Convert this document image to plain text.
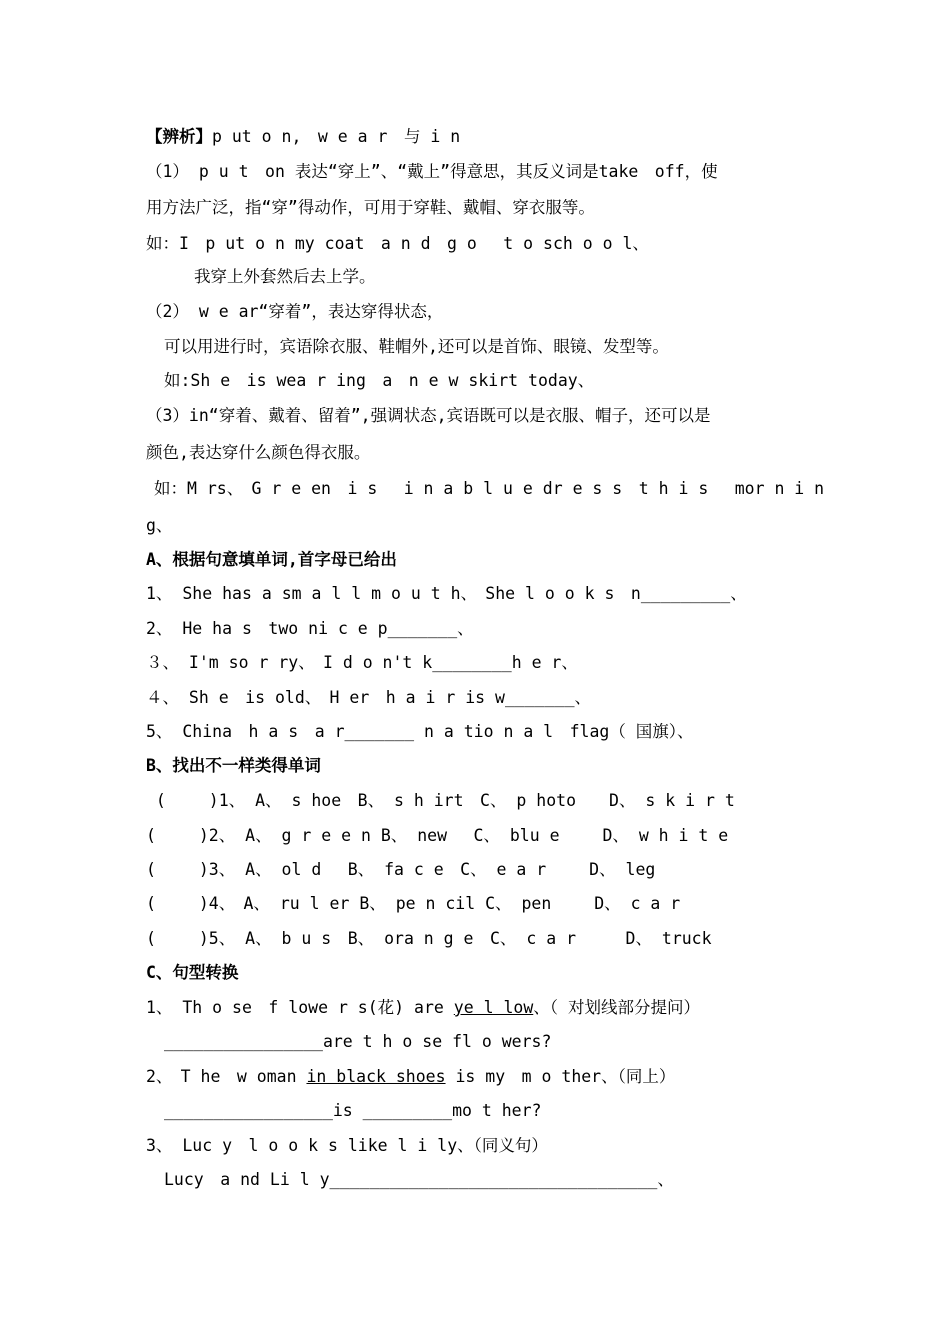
【辨析】p ut o n,　w e a r　与 i n
（1） p u t　on 表达“穿上”、“戴上”得意思，其反义词是take　off，使
用方法广泛，指“穿”得动作，可用于穿鞋、戴帽、穿衣服等。
如：I　p ut o n my coat　a n d　g o　 t o sch o o l、
我穿上外套然后去上学。
（2） w e ar“穿着”，表达穿得状态，
可以用进行时，宾语除衣服、鞋帽外,还可以是首饰、眼镜、发型等。
如:Sh e　is wea r ing　a　n e w skirt today、
（3）in“穿着、戴着、留着”,强调状态,宾语既可以是衣服、帽子，还可以是
颜色,表达穿什么颜色得衣服。
如：M rs、　G r e en　i s　 i n a b l u e dr e s s　t h i s　 mor n i n
g、
A、根据句意填单词,首字母已给出
1、 She has a sm a l l m o u t h、　She l o o k s　n_________、
2、 He ha s　two ni c e p_______、
３、 I'm so r ry、　I d o n't k________h e r、
４、 Sh e　is old、　H er　h a i r is w_______、
5、 China　h a s　a r_______ n a tio n a l　flag（ 国旗）、
B、找出不一样类得单词
(　　 )1、 A、 s hoe　B、 s h irt　C、 p hoto　　D、 s k i r t
(　　 )2、 A、 g r e e n B、 new　 C、 blu e　　 D、 w h i t e
(　　 )3、 A、 ol d　 B、 fa c e　C、 e a r　　 D、 leg
(　　 )4、　A、 ru l er B、 pe n cil C、 pen　　 D、 c a r
(　　 )5、 A、 b u s　B、 ora n g e　C、 c a r　　　D、 truck
C、句型转换
1、 Th o se　f lowe r s(花) are ye l low、（ 对划线部分提问）
________________are t h o se fl o wers?
2、　T he　w oman in black shoes is my　m o ther、（同上）
_________________is _________mo t her?
3、 Luc y　l o o k s like l i ly、（同义句）
Lucy　a nd Li l y_________________________________、
